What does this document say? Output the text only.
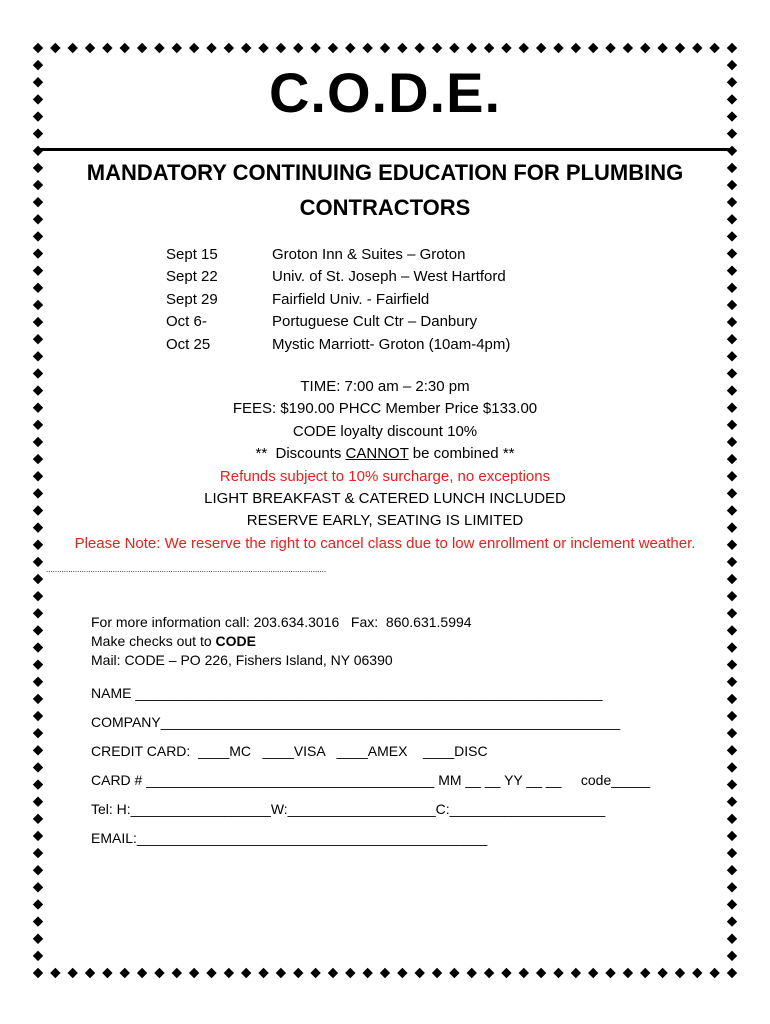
C.O.D.E.
MANDATORY CONTINUING EDUCATION FOR PLUMBING
CONTRACTORS
Sept 15	Groton Inn & Suites – Groton
Sept 22	Univ. of St. Joseph – West Hartford
Sept 29	Fairfield Univ. - Fairfield
Oct 6-	Portuguese Cult Ctr – Danbury
Oct 25	Mystic Marriott- Groton (10am-4pm)
TIME: 7:00 am – 2:30 pm
FEES: $190.00 PHCC Member Price $133.00
CODE loyalty discount 10%
**  Discounts CANNOT be combined **
Refunds subject to 10% surcharge, no exceptions
LIGHT BREAKFAST & CATERED LUNCH INCLUDED
RESERVE EARLY, SEATING IS LIMITED
Please Note: We reserve the right to cancel class due to low enrollment or inclement weather.
..............................................................................................................................
For more information call: 203.634.3016   Fax:  860.631.5994
Make checks out to CODE
Mail: CODE – PO 226, Fishers Island, NY 06390
NAME ____________________________________________________________
COMPANY___________________________________________________________
CREDIT CARD:  ____MC   ____VISA   ____AMEX    ____DISC
CARD # _____________________________________ MM __ __ YY __ __     code_____
Tel: H:__________________W:___________________C:____________________
EMAIL:_____________________________________________
